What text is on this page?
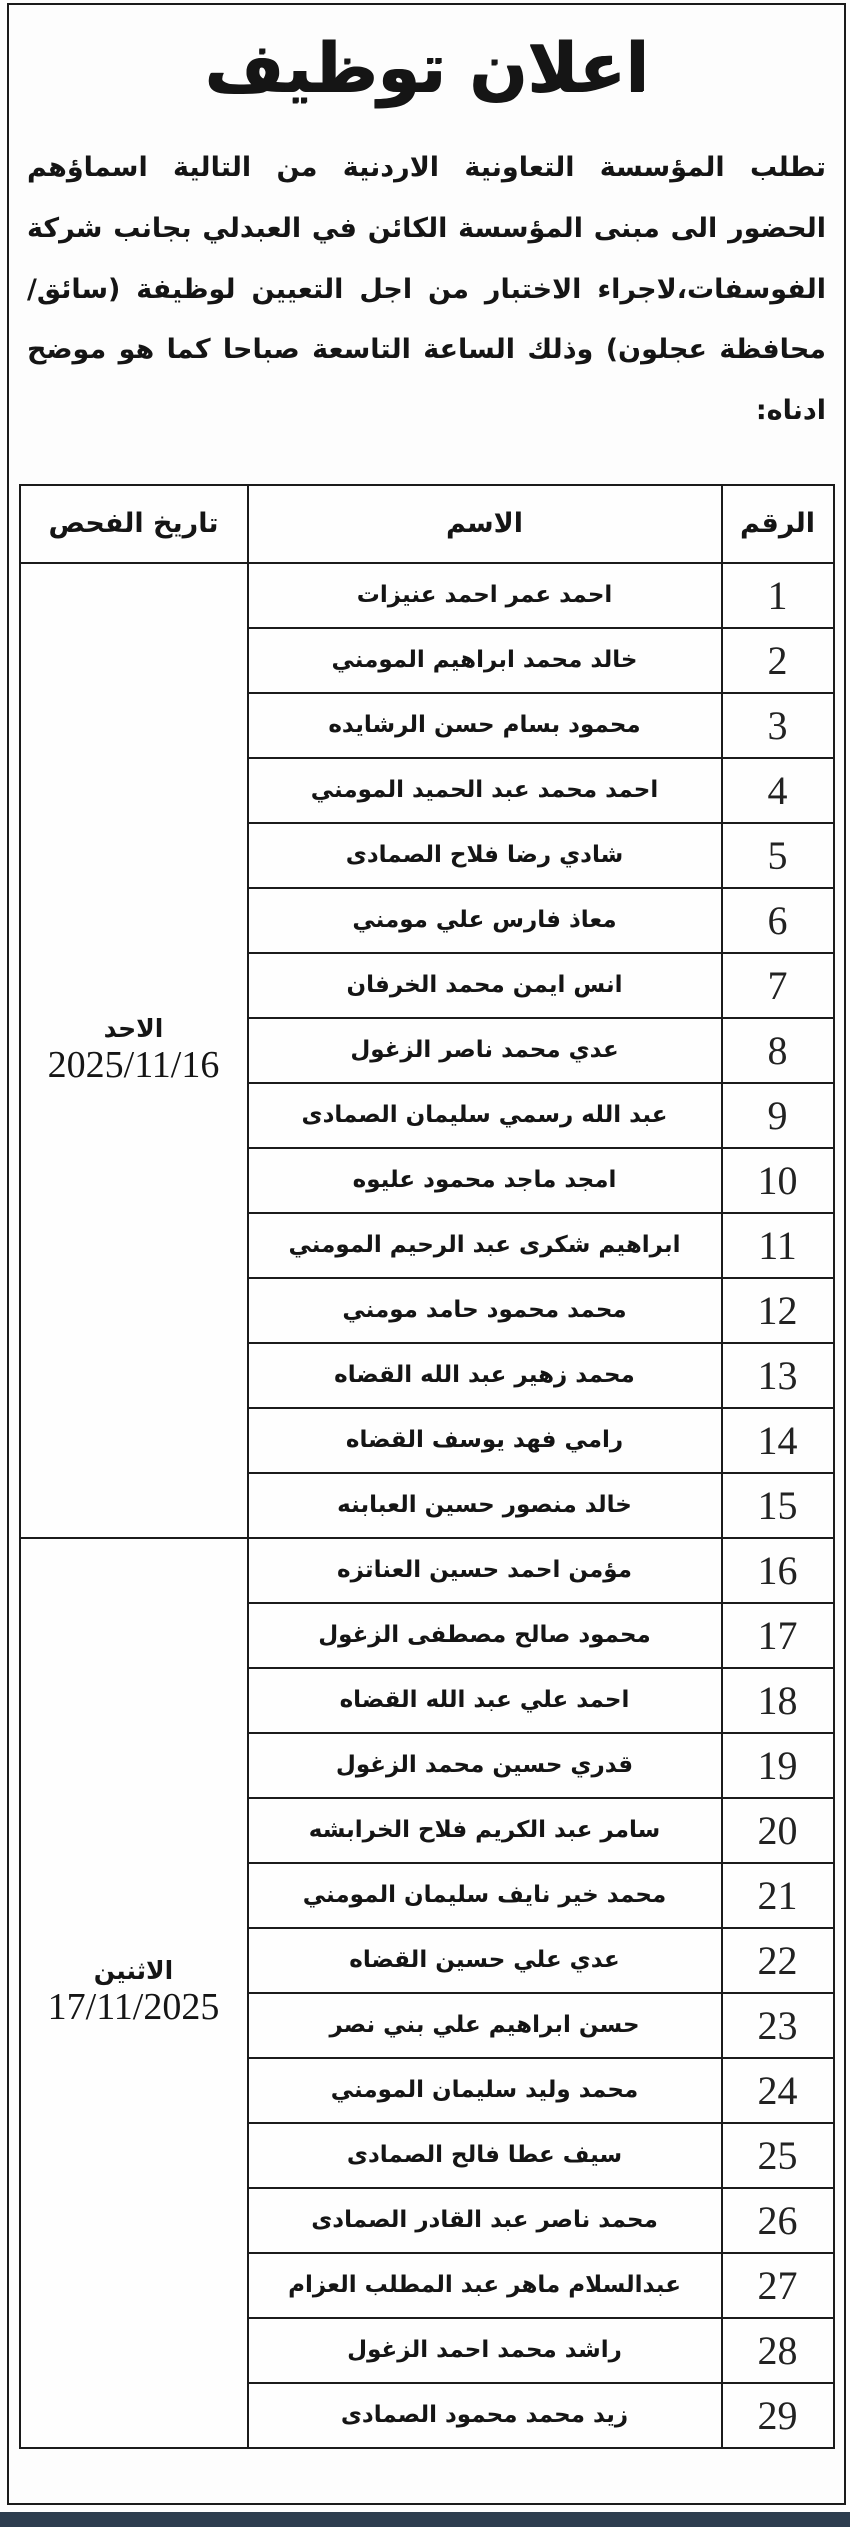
اعلان توظيف

تطلب المؤسسة التعاونية الاردنية من التالية اسماؤهم الحضور الى مبنى المؤسسة الكائن في العبدلي بجانب شركة الفوسفات،لاجراء الاختبار من اجل التعيين لوظيفة (سائق/محافظة عجلون) وذلك الساعة التاسعة صباحا كما هو موضح ادناه:

الرقم	الاسم	تاريخ الفحص
1	احمد عمر احمد عنيزات	الاحد
2025/11/16

2	خالد محمد ابراهيم المومني	
3	محمود بسام حسن الرشايده	
4	احمد محمد عبد الحميد المومني	
5	شادي رضا فلاح الصمادى	
6	معاذ فارس علي مومني	
7	انس ايمن محمد الخرفان	
8	عدي محمد ناصر الزغول	
9	عبد الله رسمي سليمان الصمادى	
10	امجد ماجد محمود عليوه	
11	ابراهيم شكرى عبد الرحيم المومني	
12	محمد محمود حامد مومني	
13	محمد زهير عبد الله القضاه	
14	رامي فهد يوسف القضاه	
15	خالد منصور حسين العبابنه	
16	مؤمن احمد حسين العناتزه	الاثنين
17/11/2025

17	محمود صالح مصطفى الزغول	
18	احمد علي عبد الله القضاه	
19	قدري حسين محمد الزغول	
20	سامر عبد الكريم فلاح الخرابشه	
21	محمد خير نايف سليمان المومني	
22	عدي علي حسين القضاه	
23	حسن ابراهيم علي بني نصر	
24	محمد وليد سليمان المومني	
25	سيف عطا فالح الصمادى	
26	محمد ناصر عبد القادر الصمادى	
27	عبدالسلام ماهر عبد المطلب العزام	
28	راشد محمد احمد الزغول	
29	زيد محمد محمود الصمادى	
